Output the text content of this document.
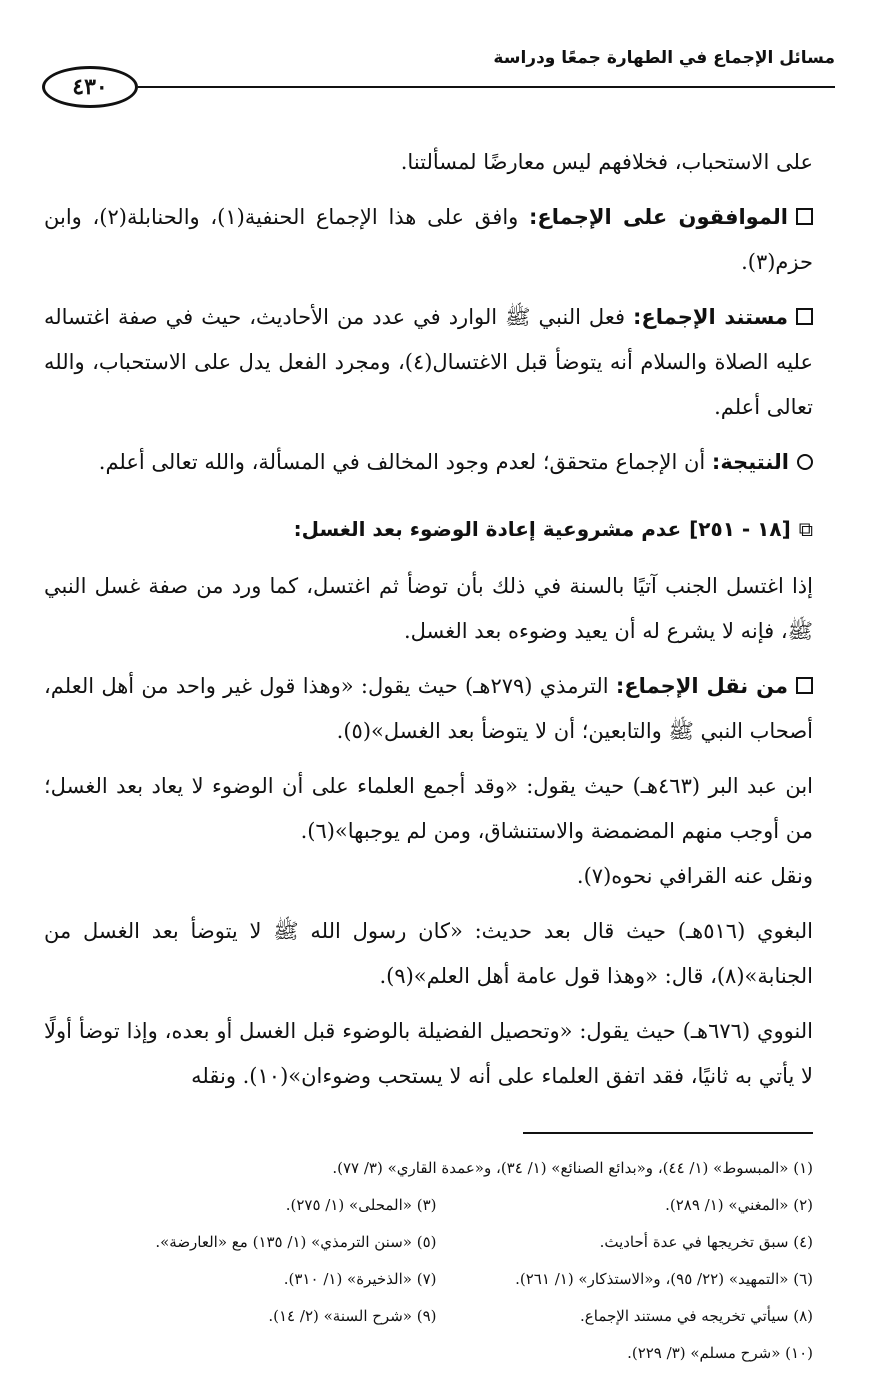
مسائل الإجماع في الطهارة جمعًا ودراسة
٤٣٠

على الاستحباب، فخلافهم ليس معارضًا لمسألتنا.

الموافقون على الإجماع: وافق على هذا الإجماع الحنفية(١)، والحنابلة(٢)، وابن حزم(٣).

مستند الإجماع: فعل النبي ﷺ الوارد في عدد من الأحاديث، حيث في صفة اغتساله عليه الصلاة والسلام أنه يتوضأ قبل الاغتسال(٤)، ومجرد الفعل يدل على الاستحباب، والله تعالى أعلم.

النتيجة: أن الإجماع متحقق؛ لعدم وجود المخالف في المسألة، والله تعالى أعلم.

⧉
[١٨ - ٢٥١]
عدم مشروعية إعادة الوضوء بعد الغسل:

إذا اغتسل الجنب آتيًا بالسنة في ذلك بأن توضأ ثم اغتسل، كما ورد من صفة غسل النبي ﷺ، فإنه لا يشرع له أن يعيد وضوءه بعد الغسل.

من نقل الإجماع: الترمذي (٢٧٩هـ) حيث يقول: «وهذا قول غير واحد من أهل العلم، أصحاب النبي ﷺ والتابعين؛ أن لا يتوضأ بعد الغسل»(٥).

ابن عبد البر (٤٦٣هـ) حيث يقول: «وقد أجمع العلماء على أن الوضوء لا يعاد بعد الغسل؛ من أوجب منهم المضمضة والاستنشاق، ومن لم يوجبها»(٦).

ونقل عنه القرافي نحوه(٧).

البغوي (٥١٦هـ) حيث قال بعد حديث: «كان رسول الله ﷺ لا يتوضأ بعد الغسل من الجنابة»(٨)، قال: «وهذا قول عامة أهل العلم»(٩).

النووي (٦٧٦هـ) حيث يقول: «وتحصيل الفضيلة بالوضوء قبل الغسل أو بعده، وإذا توضأ أولًا لا يأتي به ثانيًا، فقد اتفق العلماء على أنه لا يستحب وضوءان»(١٠). ونقله

(١) «المبسوط» (١/ ٤٤)، و«بدائع الصنائع» (١/ ٣٤)، و«عمدة القاري» (٣/ ٧٧).
(٢) «المغني» (١/ ٢٨٩).
(٣) «المحلى» (١/ ٢٧٥).
(٤) سبق تخريجها في عدة أحاديث.
(٥) «سنن الترمذي» (١/ ١٣٥) مع «العارضة».
(٦) «التمهيد» (٢٢/ ٩٥)، و«الاستذكار» (١/ ٢٦١).
(٧) «الذخيرة» (١/ ٣١٠).
(٨) سيأتي تخريجه في مستند الإجماع.
(٩) «شرح السنة» (٢/ ١٤).
(١٠) «شرح مسلم» (٣/ ٢٢٩).
